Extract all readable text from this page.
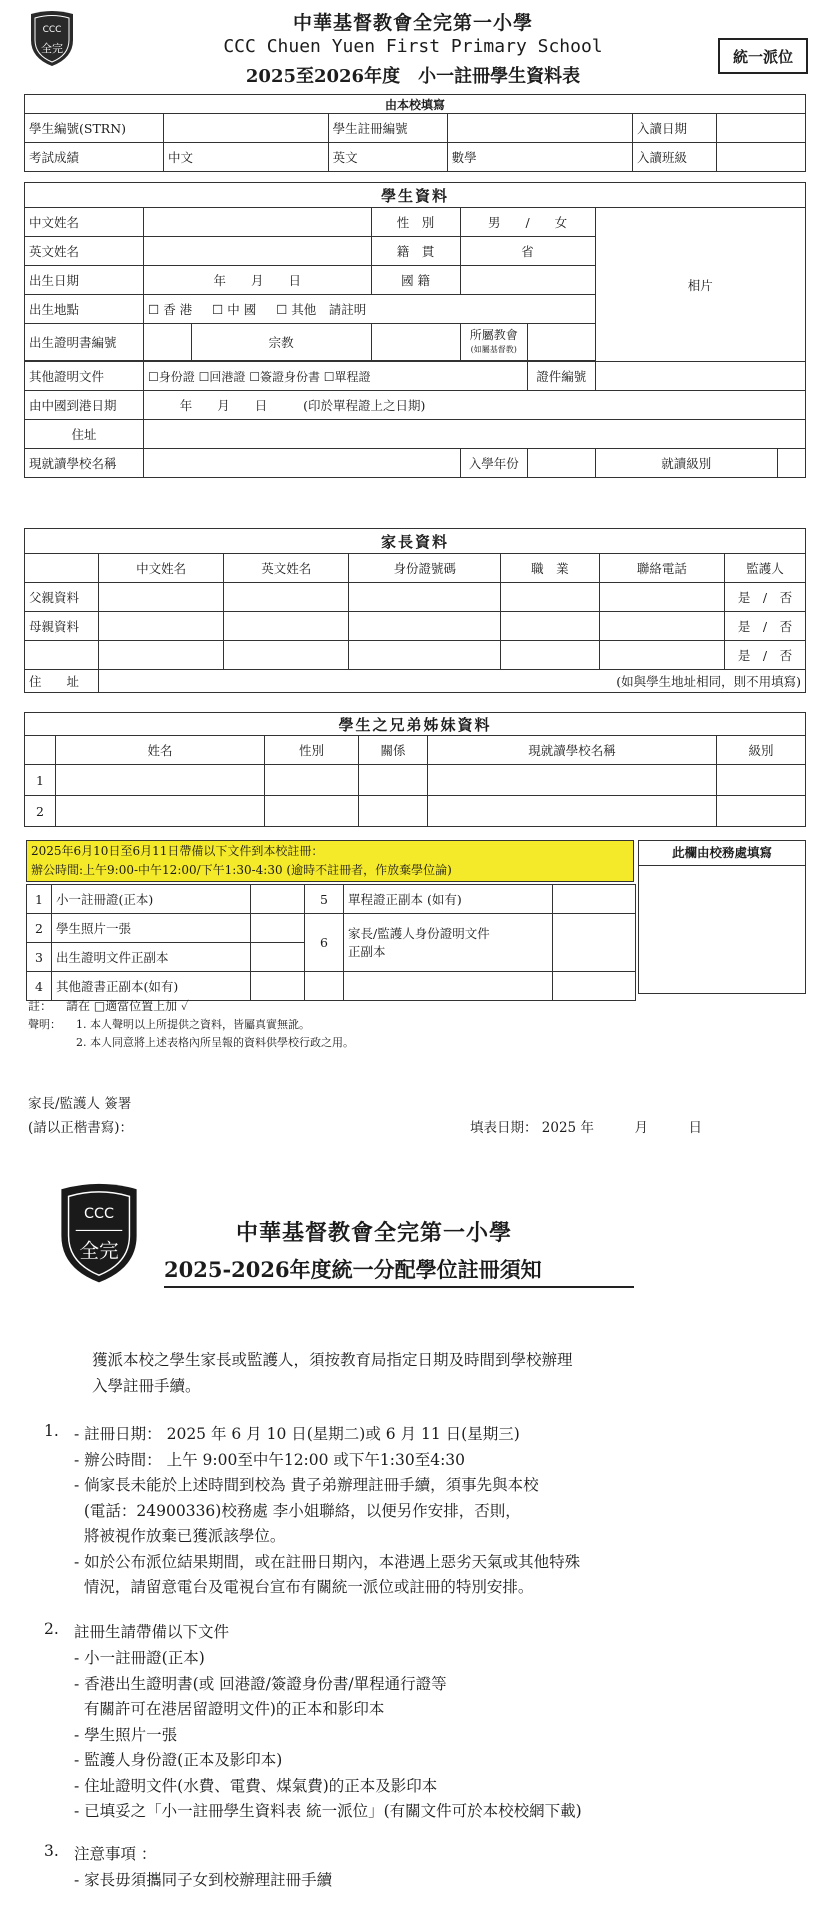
CCC
全完
中華基督教會全完第一小學
CCC Chuen Yuen First Primary School
2025至2026年度　小一註冊學生資料表
統一派位
由本校填寫					
學生編號(STRN)		學生註冊編號		入讀日期	
考試成績	中文	英文	數學	入讀班級	
學生資料							
中文姓名			性　別	男　　/　　女		相片	
英文姓名			籍　貫	省			
出生日期	年　　月　　日		國 籍				
出生地點	☐ 香 港 ☐ 中 國 ☐ 其他　請註明						
出生證明書編號		宗教		所屬教會
(如屬基督教)			

其他證明文件	☐身份證 ☐回港證 ☐簽證身份書 ☐單程證				證件編號		
由中國到港日期	年　　月　　日 (印於單程證上之日期)						
住址							
現就讀學校名稱				入學年份		就讀級別	
家長資料						
	中文姓名	英文姓名	身份證號碼	職　業	聯絡電話	監護人
父親資料						是　/　否
母親資料						是　/　否
						是　/　否
住　　址	(如與學生地址相同，則不用填寫)					
學生之兄弟姊妹資料					
	姓名	性別	關係	現就讀學校名稱	級別
1					
2					
2025年6月10日至6月11日帶備以下文件到本校註冊：
辦公時間:上午9:00-中午12:00/下午1:30-4:30 (逾時不註冊者，作放棄學位論)
此欄由校務處填寫
1	小一註冊證(正本)		5	單程證正副本 (如有)	
2	學生照片一張		6	家長/監護人身份證明文件
正副本	
3	出生證明文件正副本				
4	其他證書正副本(如有)				
註： 請在 □適當位置上加 ✓
聲明： 1. 本人聲明以上所提供之資料，皆屬真實無訛。
2. 本人同意將上述表格內所呈報的資料供學校行政之用。
家長/監護人 簽署
(請以正楷書寫)：	填表日期： 2025 年　　　月　　　日
CCC
全完
中華基督教會全完第一小學
2025-2026年度統一分配學位註冊須知
獲派本校之學生家長或監護人，須按教育局指定日期及時間到學校辦理
入學註冊手續。
1. - 註冊日期： 2025 年 6 月 10 日(星期二)或 6 月 11 日(星期三)
- 辦公時間： 上午 9:00至中午12:00 或下午1:30至4:30
- 倘家長未能於上述時間到校為 貴子弟辦理註冊手續，須事先與本校
(電話：24900336)校務處 李小姐聯絡，以便另作安排，否則，
將被視作放棄已獲派該學位。
- 如於公布派位結果期間，或在註冊日期內，本港遇上惡劣天氣或其他特殊
情況，請留意電台及電視台宣布有關統一派位或註冊的特別安排。
2. 註冊生請帶備以下文件
- 小一註冊證(正本)
- 香港出生證明書(或 回港證/簽證身份書/單程通行證等
有關許可在港居留證明文件)的正本和影印本
- 學生照片一張
- 監護人身份證(正本及影印本)
- 住址證明文件(水費、電費、煤氣費)的正本及影印本
- 已填妥之「小一註冊學生資料表 統一派位」(有關文件可於本校校網下載)
3. 注意事項 ：
- 家長毋須攜同子女到校辦理註冊手續
